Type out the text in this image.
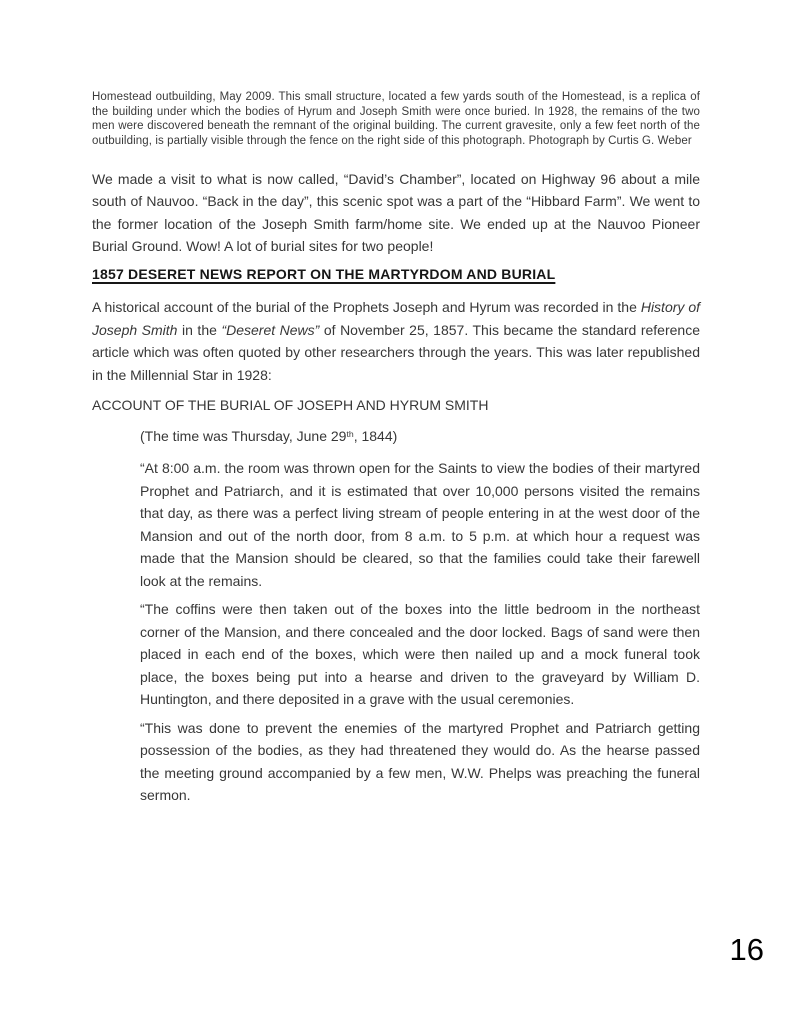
Homestead outbuilding, May 2009. This small structure, located a few yards south of the Homestead, is a replica of the building under which the bodies of Hyrum and Joseph Smith were once buried. In 1928, the remains of the two men were discovered beneath the remnant of the original building. The current gravesite, only a few feet north of the outbuilding, is partially visible through the fence on the right side of this photograph. Photograph by Curtis G. Weber

We made a visit to what is now called, “David’s Chamber”, located on Highway 96 about a mile south of Nauvoo. “Back in the day”, this scenic spot was a part of the “Hibbard Farm”. We went to the former location of the Joseph Smith farm/home site. We ended up at the Nauvoo Pioneer Burial Ground. Wow! A lot of burial sites for two people!

1857 DESERET NEWS REPORT ON THE MARTYRDOM AND BURIAL

A historical account of the burial of the Prophets Joseph and Hyrum was recorded in the History of Joseph Smith in the “Deseret News” of November 25, 1857. This became the standard reference article which was often quoted by other researchers through the years. This was later republished in the Millennial Star in 1928:

ACCOUNT OF THE BURIAL OF JOSEPH AND HYRUM SMITH

(The time was Thursday, June 29th, 1844)

“At 8:00 a.m. the room was thrown open for the Saints to view the bodies of their martyred Prophet and Patriarch, and it is estimated that over 10,000 persons visited the remains that day, as there was a perfect living stream of people entering in at the west door of the Mansion and out of the north door, from 8 a.m. to 5 p.m. at which hour a request was made that the Mansion should be cleared, so that the families could take their farewell look at the remains.

“The coffins were then taken out of the boxes into the little bedroom in the northeast corner of the Mansion, and there concealed and the door locked. Bags of sand were then placed in each end of the boxes, which were then nailed up and a mock funeral took place, the boxes being put into a hearse and driven to the graveyard by William D. Huntington, and there deposited in a grave with the usual ceremonies.

“This was done to prevent the enemies of the martyred Prophet and Patriarch getting possession of the bodies, as they had threatened they would do. As the hearse passed the meeting ground accompanied by a few men, W.W. Phelps was preaching the funeral sermon.

16
